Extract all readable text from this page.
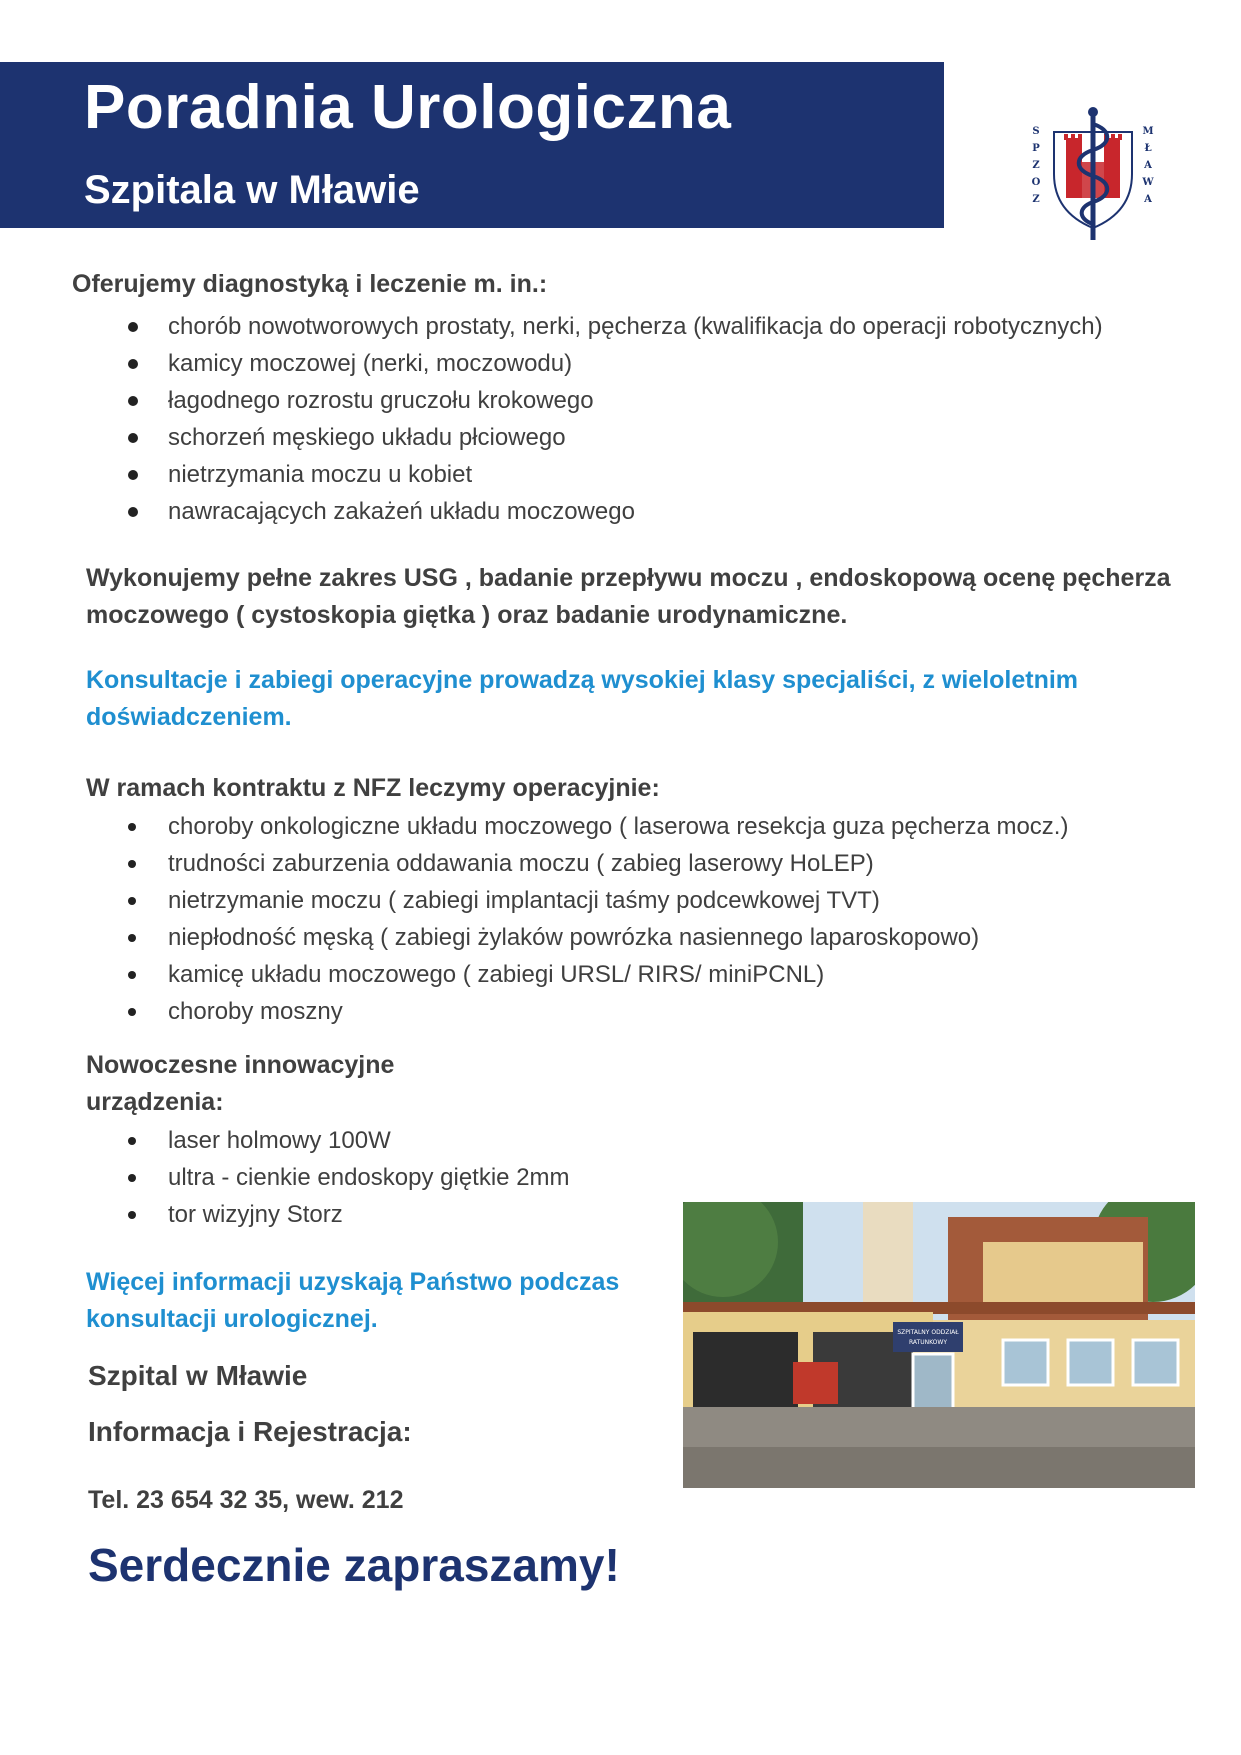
Poradnia Urologiczna
Szpitala w Mławie
S P Z O Z
M Ł A W A
Oferujemy diagnostyką i leczenie m. in.:
chorób nowotworowych prostaty, nerki, pęcherza (kwalifikacja do operacji robotycznych)
kamicy moczowej (nerki, moczowodu)
łagodnego rozrostu gruczołu krokowego
schorzeń męskiego układu płciowego
nietrzymania moczu u kobiet
nawracających zakażeń układu moczowego
Wykonujemy pełne zakres USG , badanie przepływu moczu , endoskopową ocenę pęcherza
moczowego ( cystoskopia giętka ) oraz badanie urodynamiczne.
Konsultacje i zabiegi operacyjne prowadzą wysokiej klasy specjaliści, z wieloletnim
doświadczeniem.
W ramach kontraktu z NFZ leczymy operacyjnie:
choroby onkologiczne układu moczowego ( laserowa resekcja guza pęcherza mocz.)
trudności zaburzenia oddawania moczu ( zabieg laserowy HoLEP)
nietrzymanie moczu ( zabiegi implantacji taśmy podcewkowej TVT)
niepłodność męską ( zabiegi żylaków powrózka nasiennego laparoskopowo)
kamicę układu moczowego ( zabiegi URSL/ RIRS/ miniPCNL)
choroby moszny
Nowoczesne innowacyjne
urządzenia:
laser holmowy 100W
ultra - cienkie endoskopy giętkie 2mm
tor wizyjny Storz
Więcej informacji uzyskają Państwo podczas
konsultacji urologicznej.
Szpital w Mławie
Informacja i Rejestracja:
Tel. 23 654 32 35, wew. 212
Serdecznie zapraszamy!
SZPITALNY ODDZIAŁ
RATUNKOWY
